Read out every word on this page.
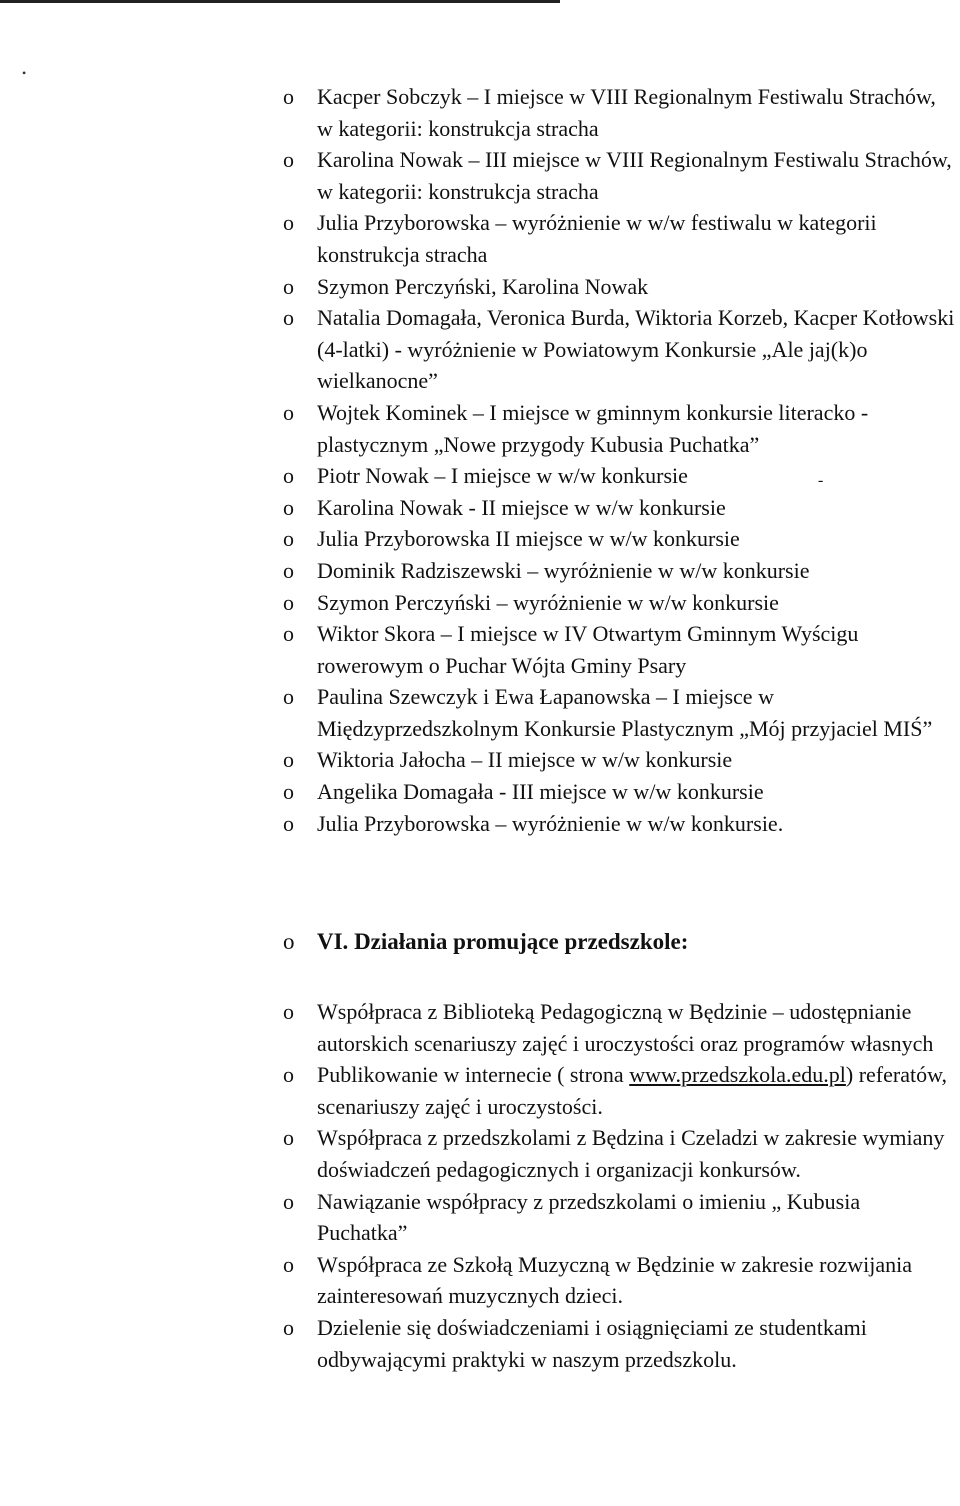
•
-
o Kacper Sobczyk – I miejsce w VIII Regionalnym Festiwalu Strachów, w kategorii: konstrukcja stracha
o Karolina Nowak – III miejsce w VIII Regionalnym Festiwalu Strachów, w kategorii: konstrukcja stracha
o Julia Przyborowska – wyróżnienie w w/w festiwalu w kategorii konstrukcja stracha
o Szymon Perczyński, Karolina Nowak
o Natalia Domagała, Veronica Burda, Wiktoria Korzeb, Kacper Kotłowski (4-latki) - wyróżnienie w Powiatowym Konkursie „Ale jaj(k)o wielkanocne”
o Wojtek Kominek – I miejsce w gminnym konkursie literacko - plastycznym „Nowe przygody Kubusia Puchatka”
o Piotr Nowak – I miejsce w w/w konkursie
o Karolina Nowak - II miejsce w w/w konkursie
o Julia Przyborowska II miejsce w w/w konkursie
o Dominik Radziszewski – wyróżnienie w w/w konkursie
o Szymon Perczyński – wyróżnienie w w/w konkursie
o Wiktor Skora – I miejsce w IV Otwartym Gminnym Wyścigu rowerowym o Puchar Wójta Gminy Psary
o Paulina Szewczyk i Ewa Łapanowska – I miejsce w Międzyprzedszkolnym Konkursie Plastycznym „Mój przyjaciel MIŚ”
o Wiktoria Jałocha – II miejsce w w/w konkursie
o Angelika Domagała - III miejsce w w/w konkursie
o Julia Przyborowska – wyróżnienie w w/w konkursie.
o VI. Działania promujące przedszkole:
o Współpraca z Biblioteką Pedagogiczną w Będzinie – udostępnianie autorskich scenariuszy zajęć i uroczystości oraz programów własnych
o Publikowanie w internecie ( strona www.przedszkola.edu.pl) referatów, scenariuszy zajęć i uroczystości.
o Współpraca z przedszkolami z Będzina i Czeladzi w zakresie wymiany doświadczeń pedagogicznych i organizacji konkursów.
o Nawiązanie współpracy z przedszkolami o imieniu „ Kubusia Puchatka”
o Współpraca ze Szkołą Muzyczną w Będzinie w zakresie rozwijania zainteresowań muzycznych dzieci.
o Dzielenie się doświadczeniami i osiągnięciami ze studentkami odbywającymi praktyki w naszym przedszkolu.
